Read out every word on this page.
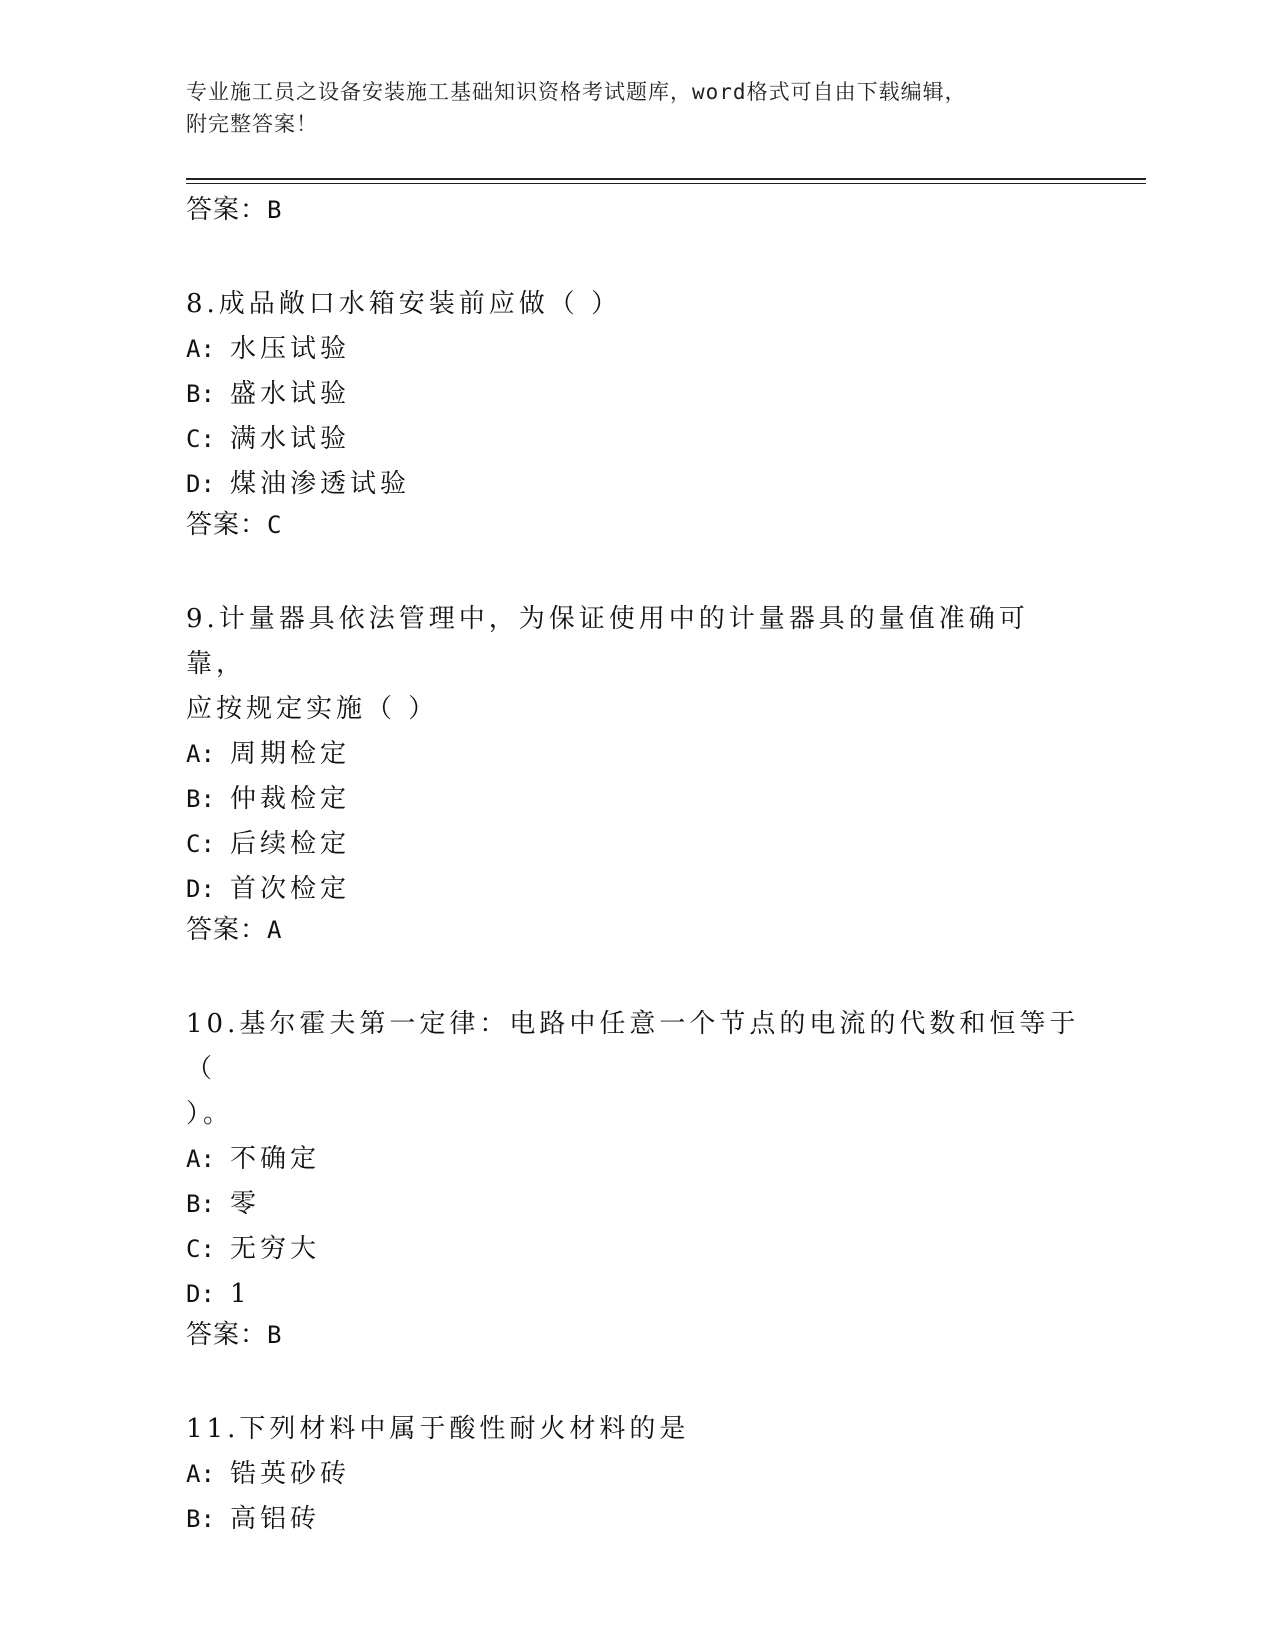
专业施工员之设备安装施工基础知识资格考试题库，word格式可自由下载编辑，
附完整答案！
答案：B
8.成品敞口水箱安装前应做（ ）
A: 水压试验
B: 盛水试验
C: 满水试验
D: 煤油渗透试验
答案：C
9.计量器具依法管理中，为保证使用中的计量器具的量值准确可靠，
应按规定实施（ ）
A: 周期检定
B: 仲裁检定
C: 后续检定
D: 首次检定
答案：A
10.基尔霍夫第一定律：电路中任意一个节点的电流的代数和恒等于（
）。
A: 不确定
B: 零
C: 无穷大
D: 1
答案：B
11.下列材料中属于酸性耐火材料的是
A: 锆英砂砖
B: 高铝砖
